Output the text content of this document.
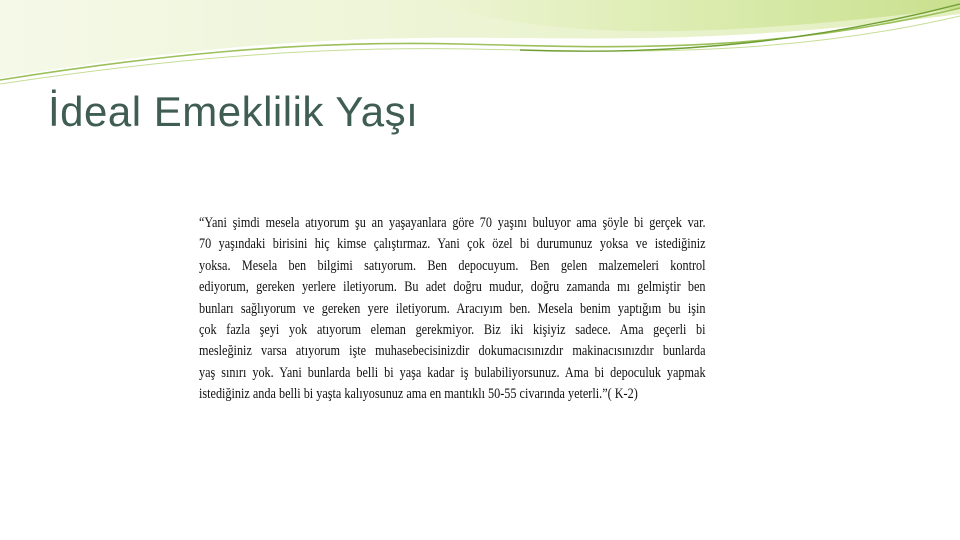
İdeal Emeklilik Yaşı
“Yani şimdi mesela atıyorum şu an yaşayanlara göre 70 yaşını buluyor ama şöyle bi gerçek var.
70 yaşındaki birisini hiç kimse çalıştırmaz. Yani çok özel bi durumunuz yoksa ve istediğiniz
yoksa. Mesela ben bilgimi satıyorum. Ben depocuyum. Ben gelen malzemeleri kontrol
ediyorum, gereken yerlere iletiyorum. Bu adet doğru mudur, doğru zamanda mı gelmiştir ben
bunları sağlıyorum ve gereken yere iletiyorum. Aracıyım ben. Mesela benim yaptığım bu işin
çok fazla şeyi yok atıyorum eleman gerekmiyor. Biz iki kişiyiz sadece. Ama geçerli bi
mesleğiniz varsa atıyorum işte muhasebecisinizdir dokumacısınızdır makinacısınızdır bunlarda
yaş sınırı yok. Yani bunlarda belli bi yaşa kadar iş bulabiliyorsunuz. Ama bi depoculuk yapmak
istediğiniz anda belli bi yaşta kalıyosunuz ama en mantıklı 50-55 civarında yeterli.”( K-2)
